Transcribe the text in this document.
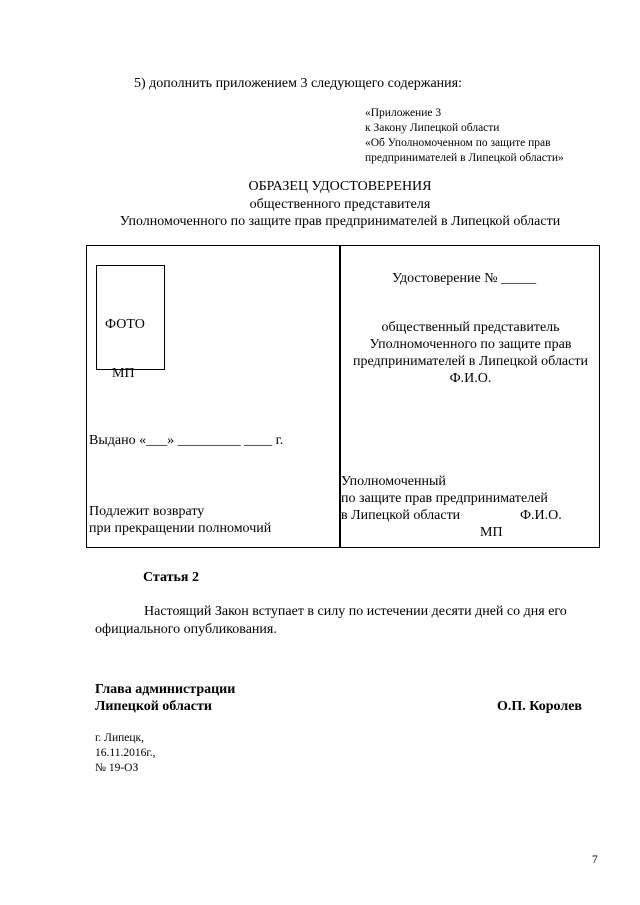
5) дополнить приложением 3 следующего содержания:
«Приложение 3
к Закону Липецкой области
«Об Уполномоченном по защите прав
предпринимателей в Липецкой области»
ОБРАЗЕЦ УДОСТОВЕРЕНИЯ
общественного представителя
Уполномоченного по защите прав предпринимателей в Липецкой области
ФОТО
МП
Выдано «___» _________ ____ г.
Подлежит возврату
при прекращении полномочий
Удостоверение № _____
общественный представитель
Уполномоченного по защите прав
предпринимателей в Липецкой области
Ф.И.О.
Уполномоченный
по защите прав предпринимателей
в Липецкой области	Ф.И.О.
МП
Статья 2
Настоящий Закон вступает в силу по истечении десяти дней со дня его
официального опубликования.
Глава администрации
Липецкой области	О.П. Королев
г. Липецк,
16.11.2016г.,
№ 19-ОЗ
7
